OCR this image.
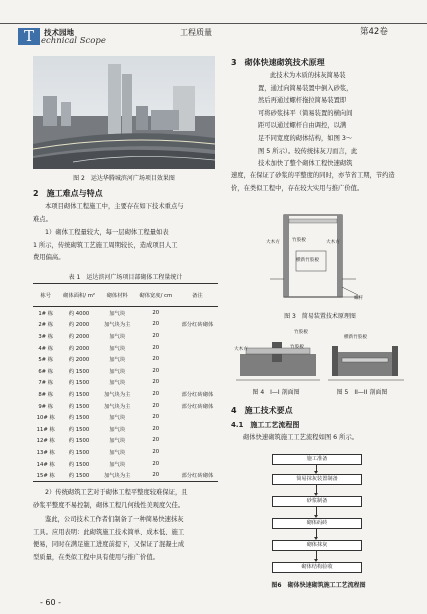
T	技术园地
echnical Scope
工程质量	第42卷
图 2　运达华腾城滨河广场项目效果图
2　施工难点与特点
本项目砌体工程施工中，主要存在如下技术重点与
难点。
1）砌体工程量较大，每一层砌体工程量如表
1 所示，传统砌筑工艺施工周期较长，造成项目人工
费用偏高。
表 1　运达滨河广场项目部砌体工程量统计
栋号	砌体面积/ m²	砌体材料	砌体宽度/ cm	备注
1# 栋	约 4000	加气块	20	
2# 栋	约 2000	加气块为主	20	部分红砖砌体
3# 栋	约 2000	加气块	20	
4# 栋	约 2000	加气块	20	
5# 栋	约 2000	加气块	20	
6# 栋	约 1500	加气块	20	
7# 栋	约 1500	加气块	20	
8# 栋	约 1500	加气块为主	20	部分红砖砌体
9# 栋	约 1500	加气块为主	20	部分红砖砌体
10# 栋	约 1500	加气块	20	
11# 栋	约 1500	加气块	20	
12# 栋	约 1500	加气块	20	
13# 栋	约 1500	加气块	20	
14# 栋	约 1500	加气块	20	
15# 栋	约 1500	加气块为主	20	部分红砖砌体
2）传统砌筑工艺对于砌体工程平整度较难保证，且
砂浆平整度不易控制，砌体工程几何线性美观度欠佳。
鉴此，公司技术工作者们制备了一种简易快速抹灰
工具。应用表明：此砌筑施工技术简单、成本低、施工
便易，同时在满足施工进度前提下，又保证了混凝土成
型质量，在类似工程中具有使用与推广价值。
- 60 -
3　砌体快速砌筑技术原理
此技术为木质的抹灰简易装
置，通过向简易装置中倒入砂浆，
然后再通过螺杆拖拉简易装置即
可将砂浆抹平（简易装置的横向间
距可以通过螺杆自由调控，以满
足不同宽度的砌体结构，如图 3～
图 5 所示）。较传统抹灰刀而言，此
技术加快了整个砌体工程快速砌筑
速度，在保证了砂浆的平整度的同时，亦节省工期，节约造
价，在类似工程中，存在较大实用与推广价值。
竹胶板
大木方	大木方
横新竹胶板
螺杆
图 3　简易装置技术原理图
竹胶板
大木方	竹胶板
横新竹胶板
图 4　I—I 剖面图	图 5　II—II 剖面图
4　施工技术要点
4.1　施工工艺流程图
砌体快速砌筑施工工艺流程如图 6 所示。
施工准备
简易抹灰装置制备
砂浆制备
砌体码砖
砌体抹灰
砌体结构验收
图6　砌体快速砌筑施工工艺流程图
